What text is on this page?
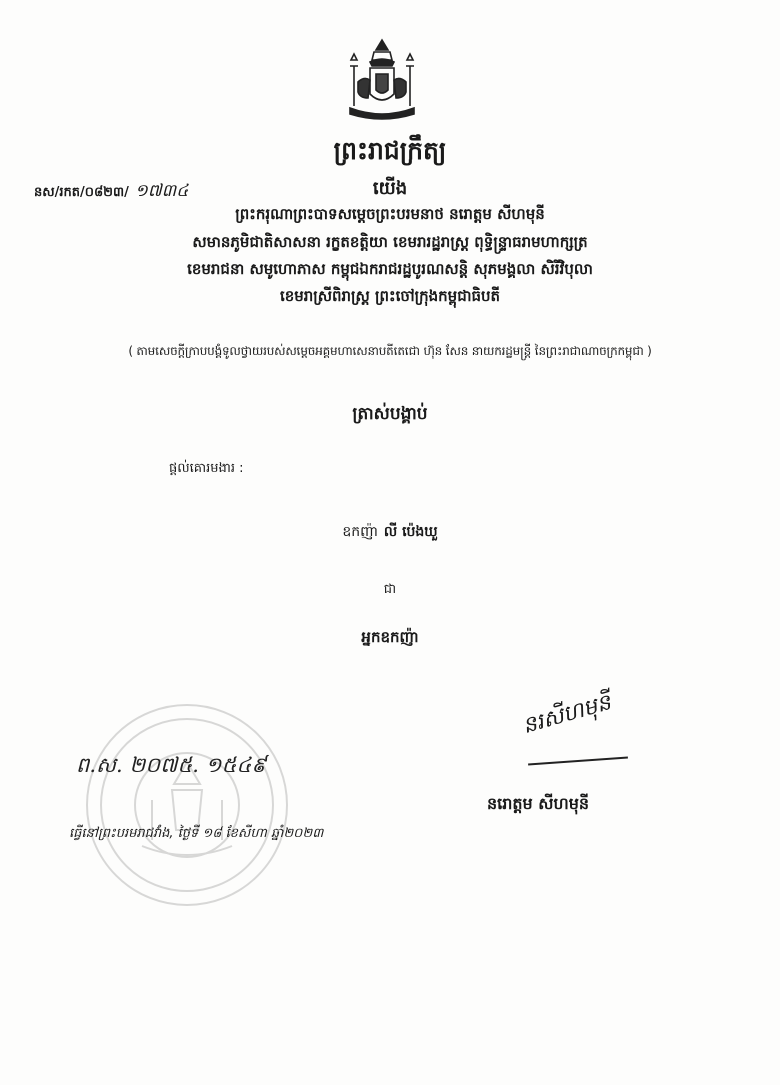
ព្រះរាជក្រឹត្យ
នស/រកត/០៨២៣/ ១៧៣៤	យើង
ព្រះករុណាព្រះបាទសម្តេចព្រះបរមនាថ នរោត្តម សីហមុនី
សមានភូមិជាតិសាសនា រក្ខតខត្តិយា ខេមរារដ្ឋរាស្ត្រ ពុទ្ធិន្ទ្រាធរាមហាក្សត្រ
ខេមរាជនា សមូហោភាស កម្ពុជឯករាជរដ្ឋបូរណសន្តិ សុភមង្គលា សិរីវិបុលា
ខេមរាស្រីពិរាស្ត្រ ព្រះចៅក្រុងកម្ពុជាធិបតី
( តាមសេចក្តីក្រាបបង្គំទូលថ្វាយរបស់សម្តេចអគ្គមហាសេនាបតីតេជោ ហ៊ុន សែន នាយករដ្ឋមន្ត្រី នៃព្រះរាជាណាចក្រកម្ពុជា )
ត្រាស់បង្គាប់
ផ្តល់គោរមងារ :
ឧកញ៉ា លី ប៉េងឃួ
ជា
អ្នកឧកញ៉ា
ព.ស. ២០៧៥. ១៥៤៩
ធ្វើនៅព្រះបរមរាជវាំង, ថ្ងៃទី ១៨ ខែសីហា ឆ្នាំ២០២៣
នរសីហមុនី
នរោត្តម សីហមុនី
